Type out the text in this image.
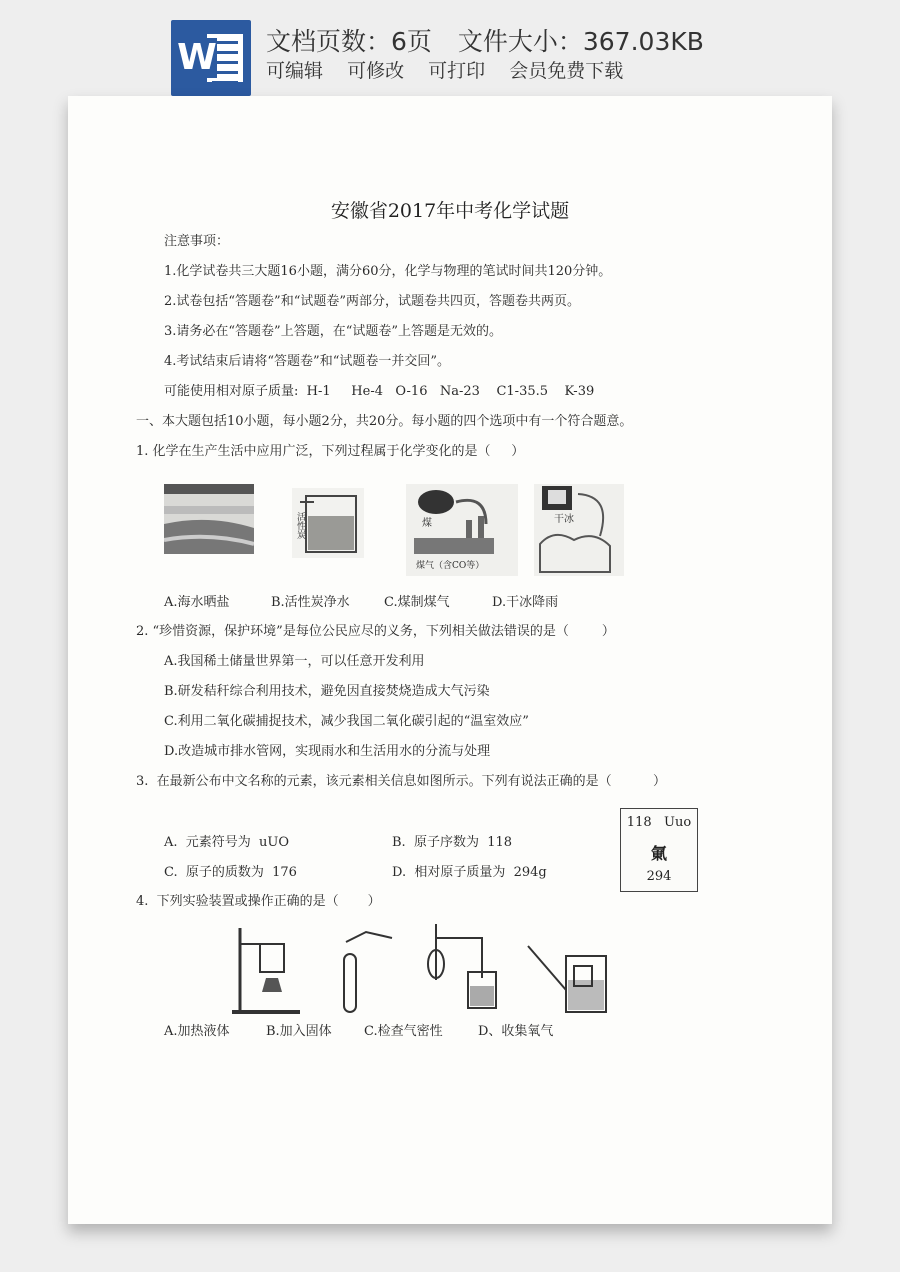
W 文档页数：6页 文件大小：367.03KB
可编辑 可修改 可打印 会员免费下载
安徽省2017年中考化学试题
注意事项：
1.化学试卷共三大题16小题，满分60分，化学与物理的笔试时间共120分钟。
2.试卷包括“答题卷”和“试题卷”两部分，试题卷共四页，答题卷共两页。
3.请务必在“答题卷”上答题，在“试题卷”上答题是无效的。
4.考试结束后请将“答题卷”和“试题卷一并交回”。
可能使用相对原子质量:  H-1     He-4   O-16   Na-23    C1-35.5    K-39
一、本大题包括10小题，每小题2分，共20分。每小题的四个选项中有一个符合题意。
1. 化学在生产生活中应用广泛，下列过程属于化学变化的是（     ）
活性炭	煤
煤气（含CO等）
干冰
A.海水晒盐	B.活性炭净水	C.煤制煤气	D.干冰降雨
2. “珍惜资源，保护环境”是每位公民应尽的义务，下列相关做法错误的是（        ）
A.我国稀土储量世界第一，可以任意开发利用
B.研发秸秆综合利用技术，避免因直接焚烧造成大气污染
C.利用二氧化碳捕捉技术，减少我国二氧化碳引起的“温室效应”
D.改造城市排水管网，实现雨水和生活用水的分流与处理
3.  在最新公布中文名称的元素，该元素相关信息如图所示。下列有说法正确的是（          ）
A.  元素符号为  uUO	B.  原子序数为  118
C.  原子的质数为  176	D.  相对原子质量为  294g
118 Uuo
氭
294
4.  下列实验装置或操作正确的是（       ）
A.加热液体	B.加入固体 C.检查气密性	D、收集氧气
